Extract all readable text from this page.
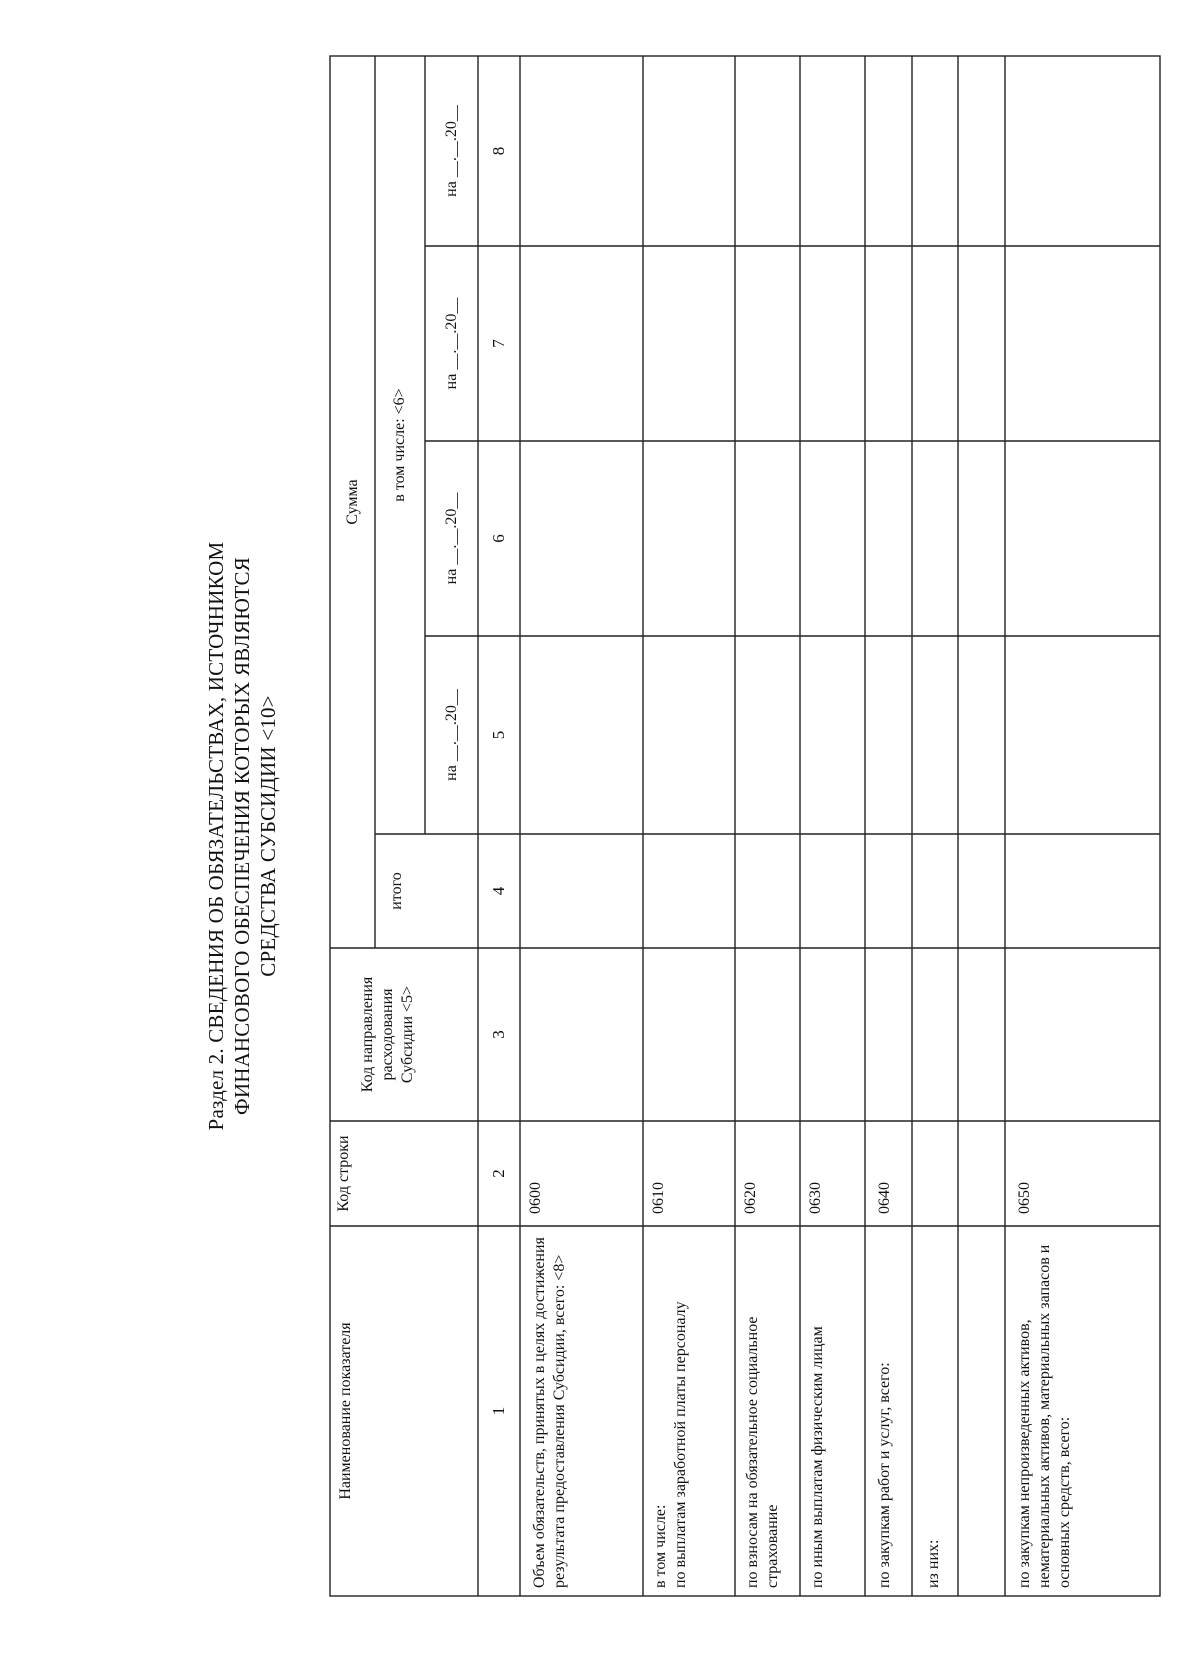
Раздел 2. СВЕДЕНИЯ ОБ ОБЯЗАТЕЛЬСТВАХ, ИСТОЧНИКОМ ФИНАНСОВОГО ОБЕСПЕЧЕНИЯ КОТОРЫХ ЯВЛЯЮТСЯ СРЕДСТВА СУБСИДИИ <10>
Наименование показателя
Код строки
Код направления расходования Субсидии <5>
Сумма
итого
в том числе: <6>
на __.__.20__
на __.__.20__
на __.__.20__
на __.__.20__
1
2
3
4
5
6
7
8
Объем обязательств, принятых в целях достижения результата предоставления Субсидии, всего: <8>
0600
в том числе:
по выплатам заработной платы персоналу
0610
по взносам на обязательное социальное страхование
0620
по иным выплатам физическим лицам
0630
по закупкам работ и услуг, всего:
0640
из них:	по закупкам непроизведенных активов, нематериальных активов, материальных запасов и основных средств, всего:
0650
